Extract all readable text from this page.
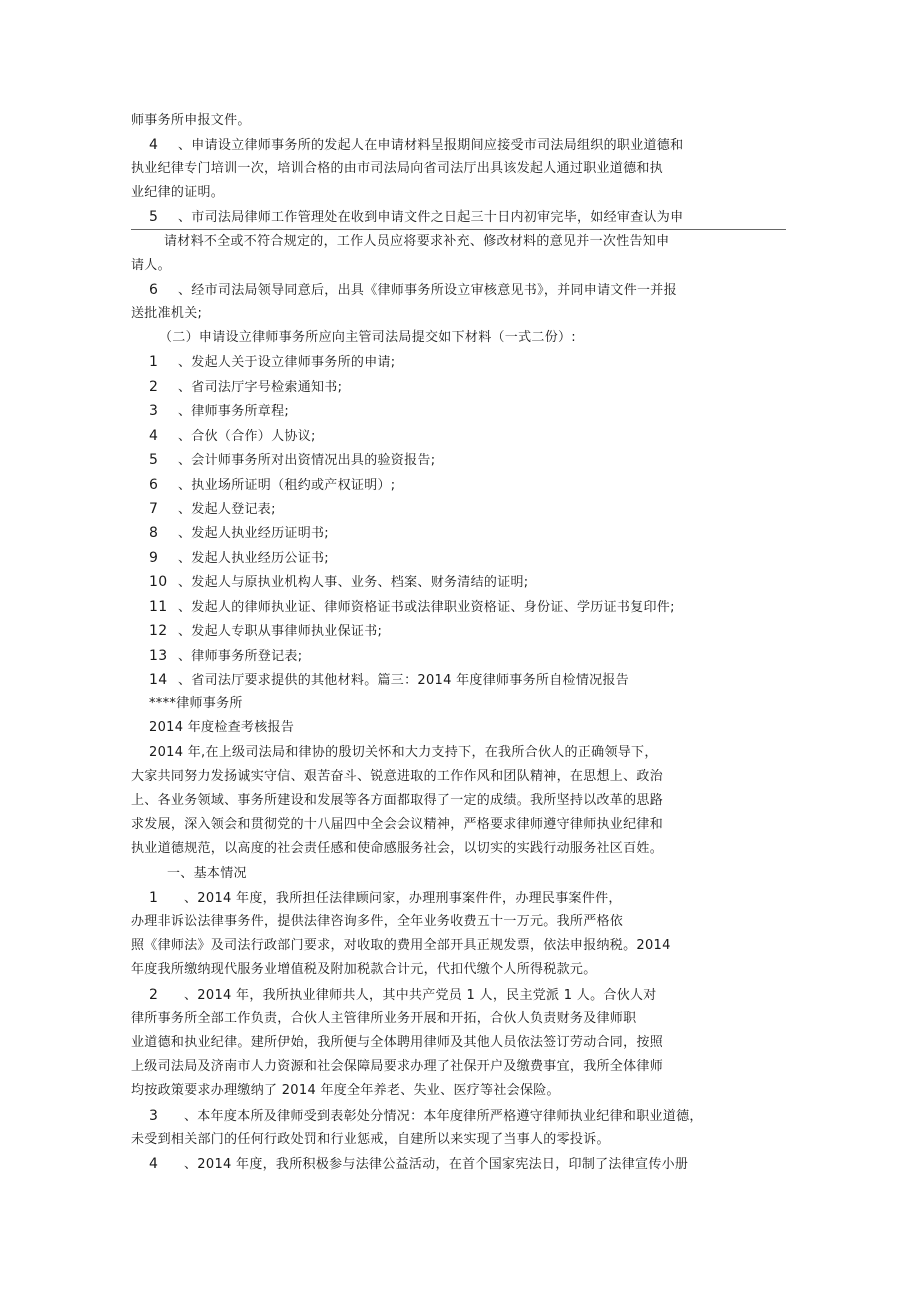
师事务所申报文件。
4 、申请设立律师事务所的发起人在申请材料呈报期间应接受市司法局组织的职业道德和
执业纪律专门培训一次，培训合格的由市司法局向省司法厅出具该发起人通过职业道德和执
业纪律的证明。
5 、市司法局律师工作管理处在收到申请文件之日起三十日内初审完毕，如经审查认为申
请材料不全或不符合规定的，工作人员应将要求补充、修改材料的意见并一次性告知申
请人。
6 、经市司法局领导同意后，出具《律师事务所设立审核意见书》，并同申请文件一并报
送批准机关;
（二）申请设立律师事务所应向主管司法局提交如下材料（一式二份）:
1 、发起人关于设立律师事务所的申请;
2 、省司法厅字号检索通知书;
3 、律师事务所章程;
4 、合伙（合作）人协议;
5 、会计师事务所对出资情况出具的验资报告;
6 、执业场所证明（租约或产权证明）;
7 、发起人登记表;
8 、发起人执业经历证明书;
9 、发起人执业经历公证书;
10 、发起人与原执业机构人事、业务、档案、财务清结的证明;
11 、发起人的律师执业证、律师资格证书或法律职业资格证、身份证、学历证书复印件;
12 、发起人专职从事律师执业保证书;
13 、律师事务所登记表;
14 、省司法厅要求提供的其他材料。篇三：2014 年度律师事务所自检情况报告
****律师事务所
2014 年度检查考核报告
2014 年,在上级司法局和律协的殷切关怀和大力支持下，在我所合伙人的正确领导下，
大家共同努力发扬诚实守信、艰苦奋斗、锐意进取的工作作风和团队精神，在思想上、政治
上、各业务领域、事务所建设和发展等各方面都取得了一定的成绩。我所坚持以改革的思路
求发展，深入领会和贯彻党的十八届四中全会会议精神，严格要求律师遵守律师执业纪律和
执业道德规范，以高度的社会责任感和使命感服务社会，以切实的实践行动服务社区百姓。
一、基本情况
1 、2014 年度，我所担任法律顾问家，办理刑事案件件，办理民事案件件，
办理非诉讼法律事务件，提供法律咨询多件，全年业务收费五十一万元。我所严格依
照《律师法》及司法行政部门要求，对收取的费用全部开具正规发票，依法申报纳税。2014
年度我所缴纳现代服务业增值税及附加税款合计元，代扣代缴个人所得税款元。
2 、2014 年，我所执业律师共人，其中共产党员 1 人，民主党派 1 人。合伙人对
律所事务所全部工作负责，合伙人主管律所业务开展和开拓，合伙人负责财务及律师职
业道德和执业纪律。建所伊始，我所便与全体聘用律师及其他人员依法签订劳动合同，按照
上级司法局及济南市人力资源和社会保障局要求办理了社保开户及缴费事宜，我所全体律师
均按政策要求办理缴纳了 2014 年度全年养老、失业、医疗等社会保险。
3 、本年度本所及律师受到表彰处分情况：本年度律所严格遵守律师执业纪律和职业道德，
未受到相关部门的任何行政处罚和行业惩戒，自建所以来实现了当事人的零投诉。
4 、2014 年度，我所积极参与法律公益活动，在首个国家宪法日，印制了法律宣传小册
